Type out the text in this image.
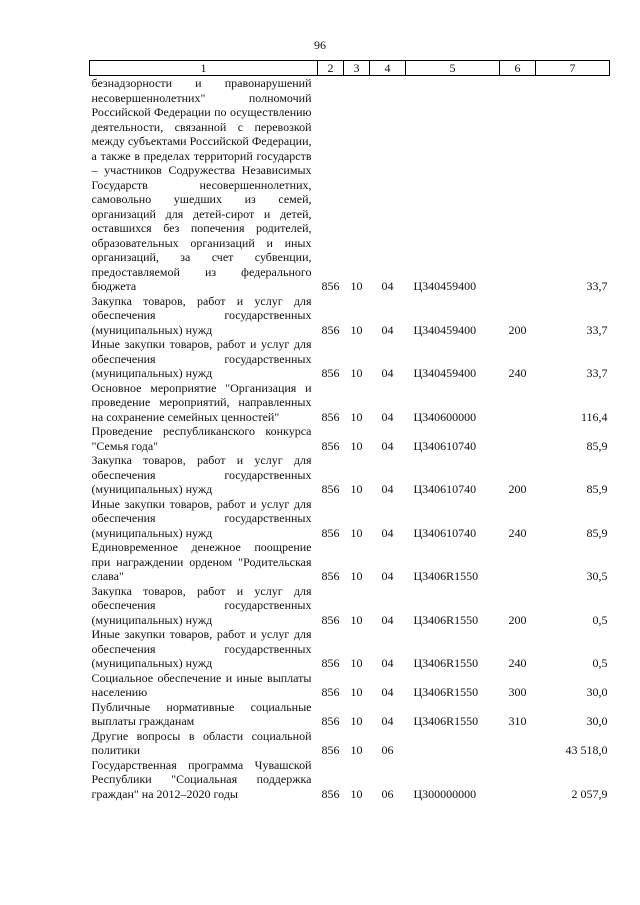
96
1	2	3	4	5	6	7
безнадзорности и правонарушений несовершеннолетних" полномочий Российской Федерации по осуществлению деятельности, связанной с перевозкой между субъектами Российской Федерации, а также в пределах территорий государств – участников Содружества Независимых Государств несовершеннолетних, самовольно ушедших из семей, организаций для детей-сирот и детей, оставшихся без попечения родителей, образовательных организаций и иных организаций, за счет субвенции, предоставляемой из федерального бюджета	856	10	04	Ц340459400		33,7
Закупка товаров, работ и услуг для обеспечения государственных (муниципальных) нужд	856	10	04	Ц340459400	200	33,7
Иные закупки товаров, работ и услуг для обеспечения государственных (муниципальных) нужд	856	10	04	Ц340459400	240	33,7
Основное мероприятие "Организация и проведение мероприятий, направленных на сохранение семейных ценностей"	856	10	04	Ц340600000		116,4
Проведение республиканского конкурса "Семья года"	856	10	04	Ц340610740		85,9
Закупка товаров, работ и услуг для обеспечения государственных (муниципальных) нужд	856	10	04	Ц340610740	200	85,9
Иные закупки товаров, работ и услуг для обеспечения государственных (муниципальных) нужд	856	10	04	Ц340610740	240	85,9
Единовременное денежное поощрение при награждении орденом "Родительская слава"	856	10	04	Ц3406R1550		30,5
Закупка товаров, работ и услуг для обеспечения государственных (муниципальных) нужд	856	10	04	Ц3406R1550	200	0,5
Иные закупки товаров, работ и услуг для обеспечения государственных (муниципальных) нужд	856	10	04	Ц3406R1550	240	0,5
Социальное обеспечение и иные выплаты населению	856	10	04	Ц3406R1550	300	30,0
Публичные нормативные социальные выплаты гражданам	856	10	04	Ц3406R1550	310	30,0
Другие вопросы в области социальной политики	856	10	06			43 518,0
Государственная программа Чувашской Республики "Социальная поддержка граждан" на 2012–2020 годы	856	10	06	Ц300000000		2 057,9
